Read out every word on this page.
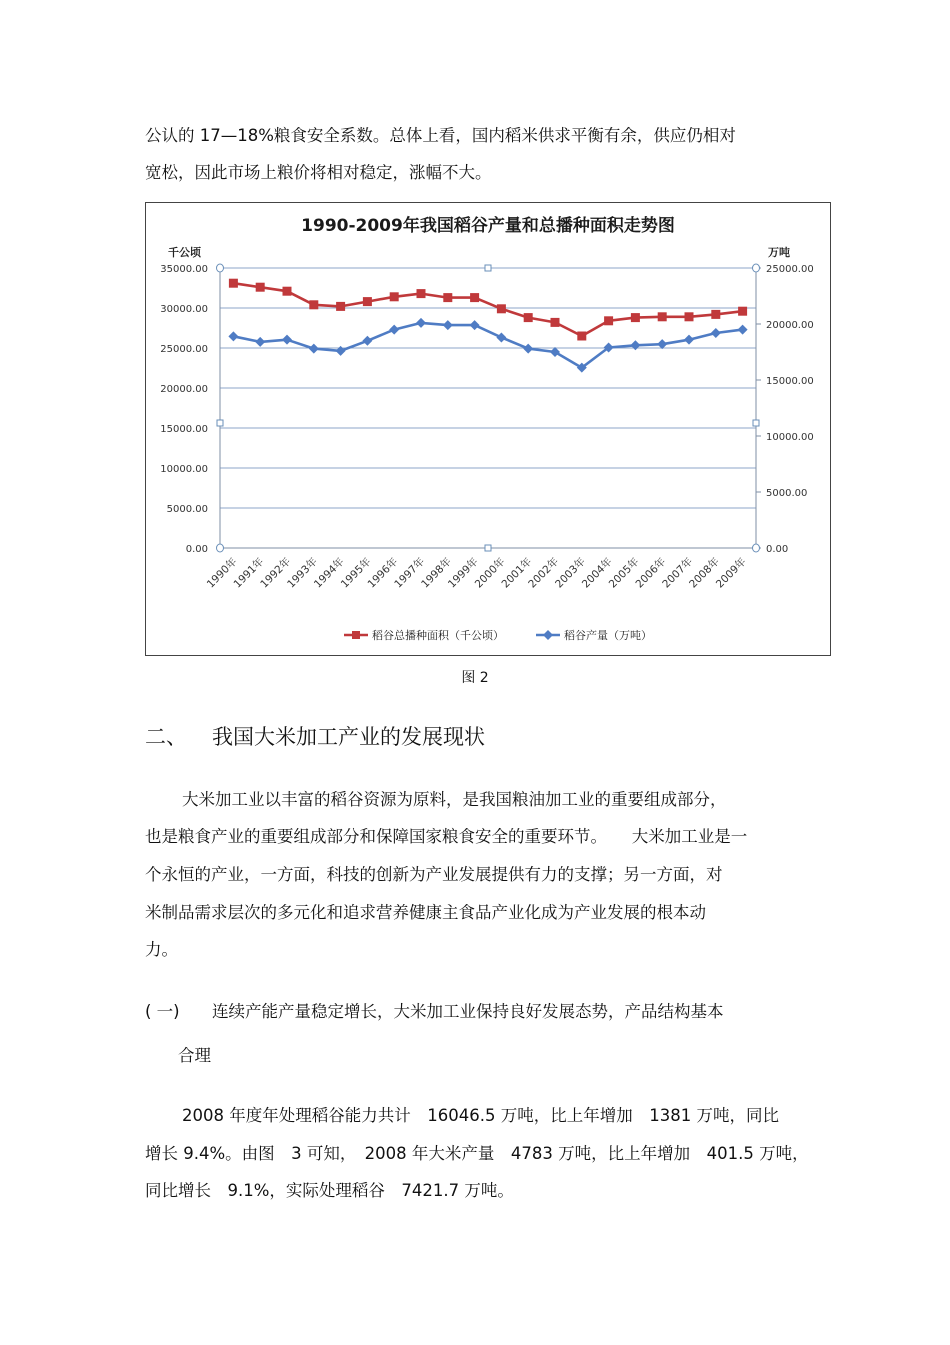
公认的 17—18%粮食安全系数。总体上看，国内稻米供求平衡有余，供应仍相对
宽松，因此市场上粮价将相对稳定，涨幅不大。
1990-2009年我国稻谷产量和总播种面积走势图
千公顷	万吨
35000.00
30000.00
25000.00
20000.00
15000.00
10000.00
5000.00
0.00
25000.00
20000.00
15000.00
10000.00
5000.00
0.00
1990年
1991年
1992年
1993年
1994年
1995年
1996年
1997年
1998年
1999年
2000年
2001年
2002年
2003年
2004年
2005年
2006年
2007年
2008年
2009年
稻谷总播种面积（千公顷）	稻谷产量（万吨）
图 2
二、 我国大米加工产业的发展现状
大米加工业以丰富的稻谷资源为原料，是我国粮油加工业的重要组成部分，
也是粮食产业的重要组成部分和保障国家粮食安全的重要环节。　　大米加工业是一
个永恒的产业，一方面，科技的创新为产业发展提供有力的支撑；另一方面，对
米制品需求层次的多元化和追求营养健康主食品产业化成为产业发展的根本动
力。
( 一) 连续产能产量稳定增长，大米加工业保持良好发展态势，产品结构基本
合理
2008 年度年处理稻谷能力共计　16046.5 万吨，比上年增加　1381 万吨，同比
增长 9.4%。由图　3 可知，　2008 年大米产量　4783 万吨，比上年增加　401.5 万吨，
同比增长　9.1%，实际处理稻谷　7421.7 万吨。
